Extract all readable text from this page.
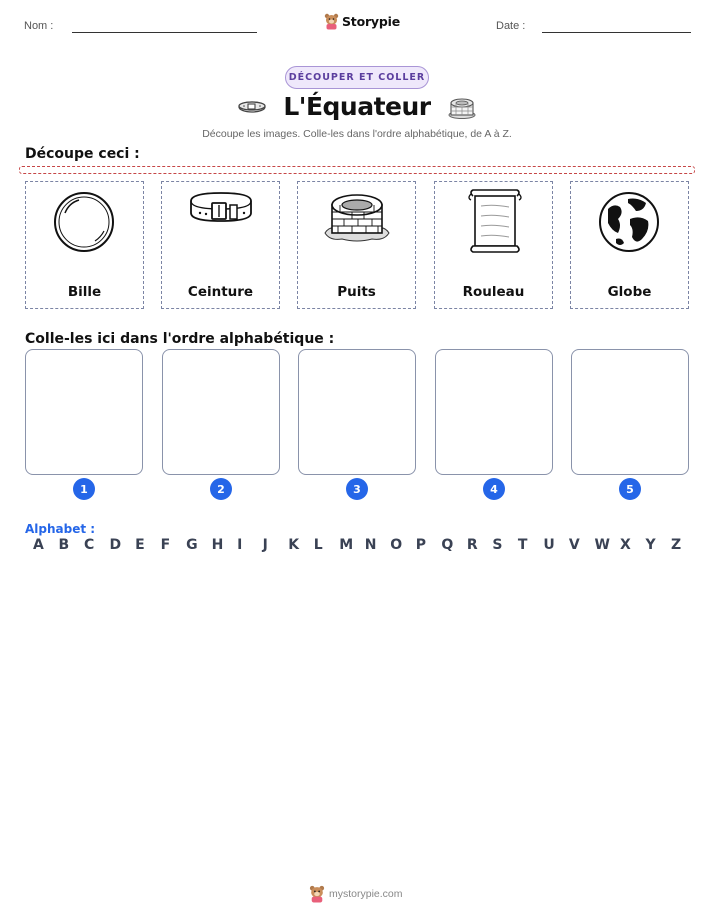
Nom :	Storypie	Date :
DÉCOUPER ET COLLER
L'Équateur
Découpe les images. Colle-les dans l'ordre alphabétique, de A à Z.
Découpe ceci :
Bille	Ceinture	Puits	Rouleau	Globe
Colle-les ici dans l'ordre alphabétique :
1	2	3	4	5
Alphabet :
A B C D E F G H I J K L M N O P Q R S T U V W X Y Z
mystorypie.com
